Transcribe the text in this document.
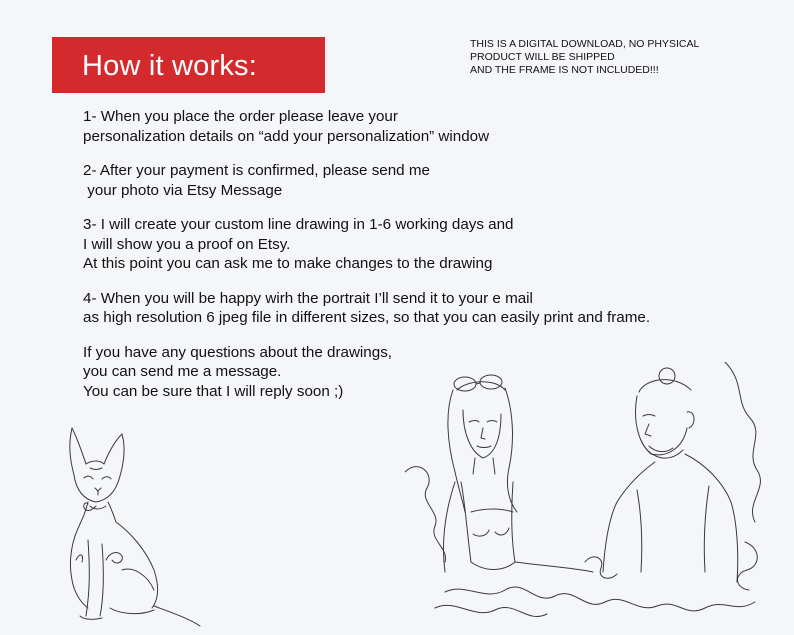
How it works:
THIS IS A DIGITAL DOWNLOAD, NO PHYSICAL
PRODUCT WILL BE SHIPPED
AND THE FRAME IS NOT INCLUDED!!!
1- When you place the order please leave your
personalization details on “add your personalization” window
2- After your payment is confirmed, please send me
your photo via Etsy Message
3- I will create your custom line drawing in 1-6 working days and
I will show you a proof on Etsy.
At this point you can ask me to make changes to the drawing
4- When you will be happy wirh the portrait I’ll send it to your e mail
as high resolution 6 jpeg file in different sizes, so that you can easily print and frame.
If you have any questions about the drawings,
you can send me a message.
You can be sure that I will reply soon ;)
